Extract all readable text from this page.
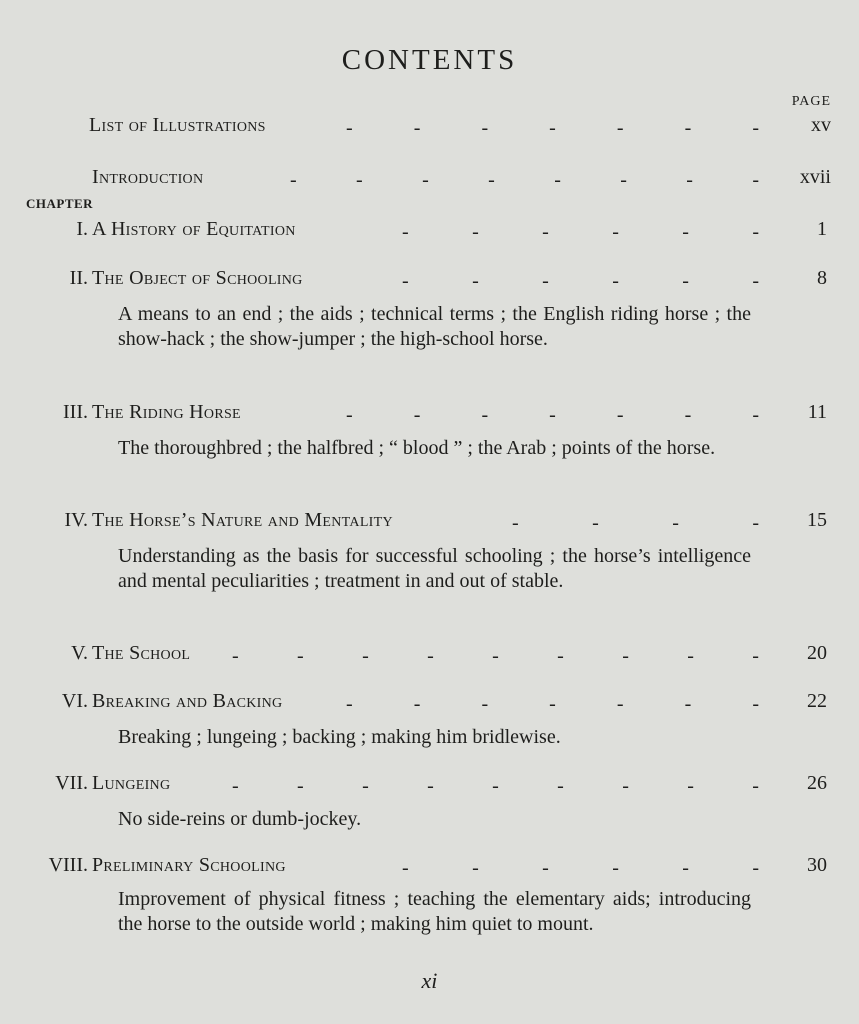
CONTENTS
PAGE
List of Illustrations	-	-	-	-	-	-	-	xv
Introduction	-	-	-	-	-	-	-	- xvii
CHAPTER
I. A History of Equitation	-	-	-	-	-	-	1
II. The Object of Schooling	-	-	-	-	-	-	8
A means to an end ; the aids ; technical terms ; the English riding horse ; the show-hack ; the show-jumper ; the high-school horse.
III. The Riding Horse	-	-	-	-	-	-	- 11
The thoroughbred ; the halfbred ; “ blood ” ; the Arab ; points of the horse.
IV. The Horse’s Nature and Mentality	-	-	-	- 15
Understanding as the basis for successful schooling ; the horse’s intelligence and mental peculiarities ; treatment in and out of stable.
V. The School -	-	-	-	-	-	-	-	- 20
VI. Breaking and Backing	-	-	-	-	-	-	- 22
Breaking ; lungeing ; backing ; making him bridlewise.
VII. Lungeing	-	-	-	-	-	-	-	-	- 26
No side-reins or dumb-jockey.
VIII. Preliminary Schooling	-	-	-	-	-	- 30
Improvement of physical fitness ; teaching the elementary aids; introducing the horse to the outside world ; making him quiet to mount.
xi
